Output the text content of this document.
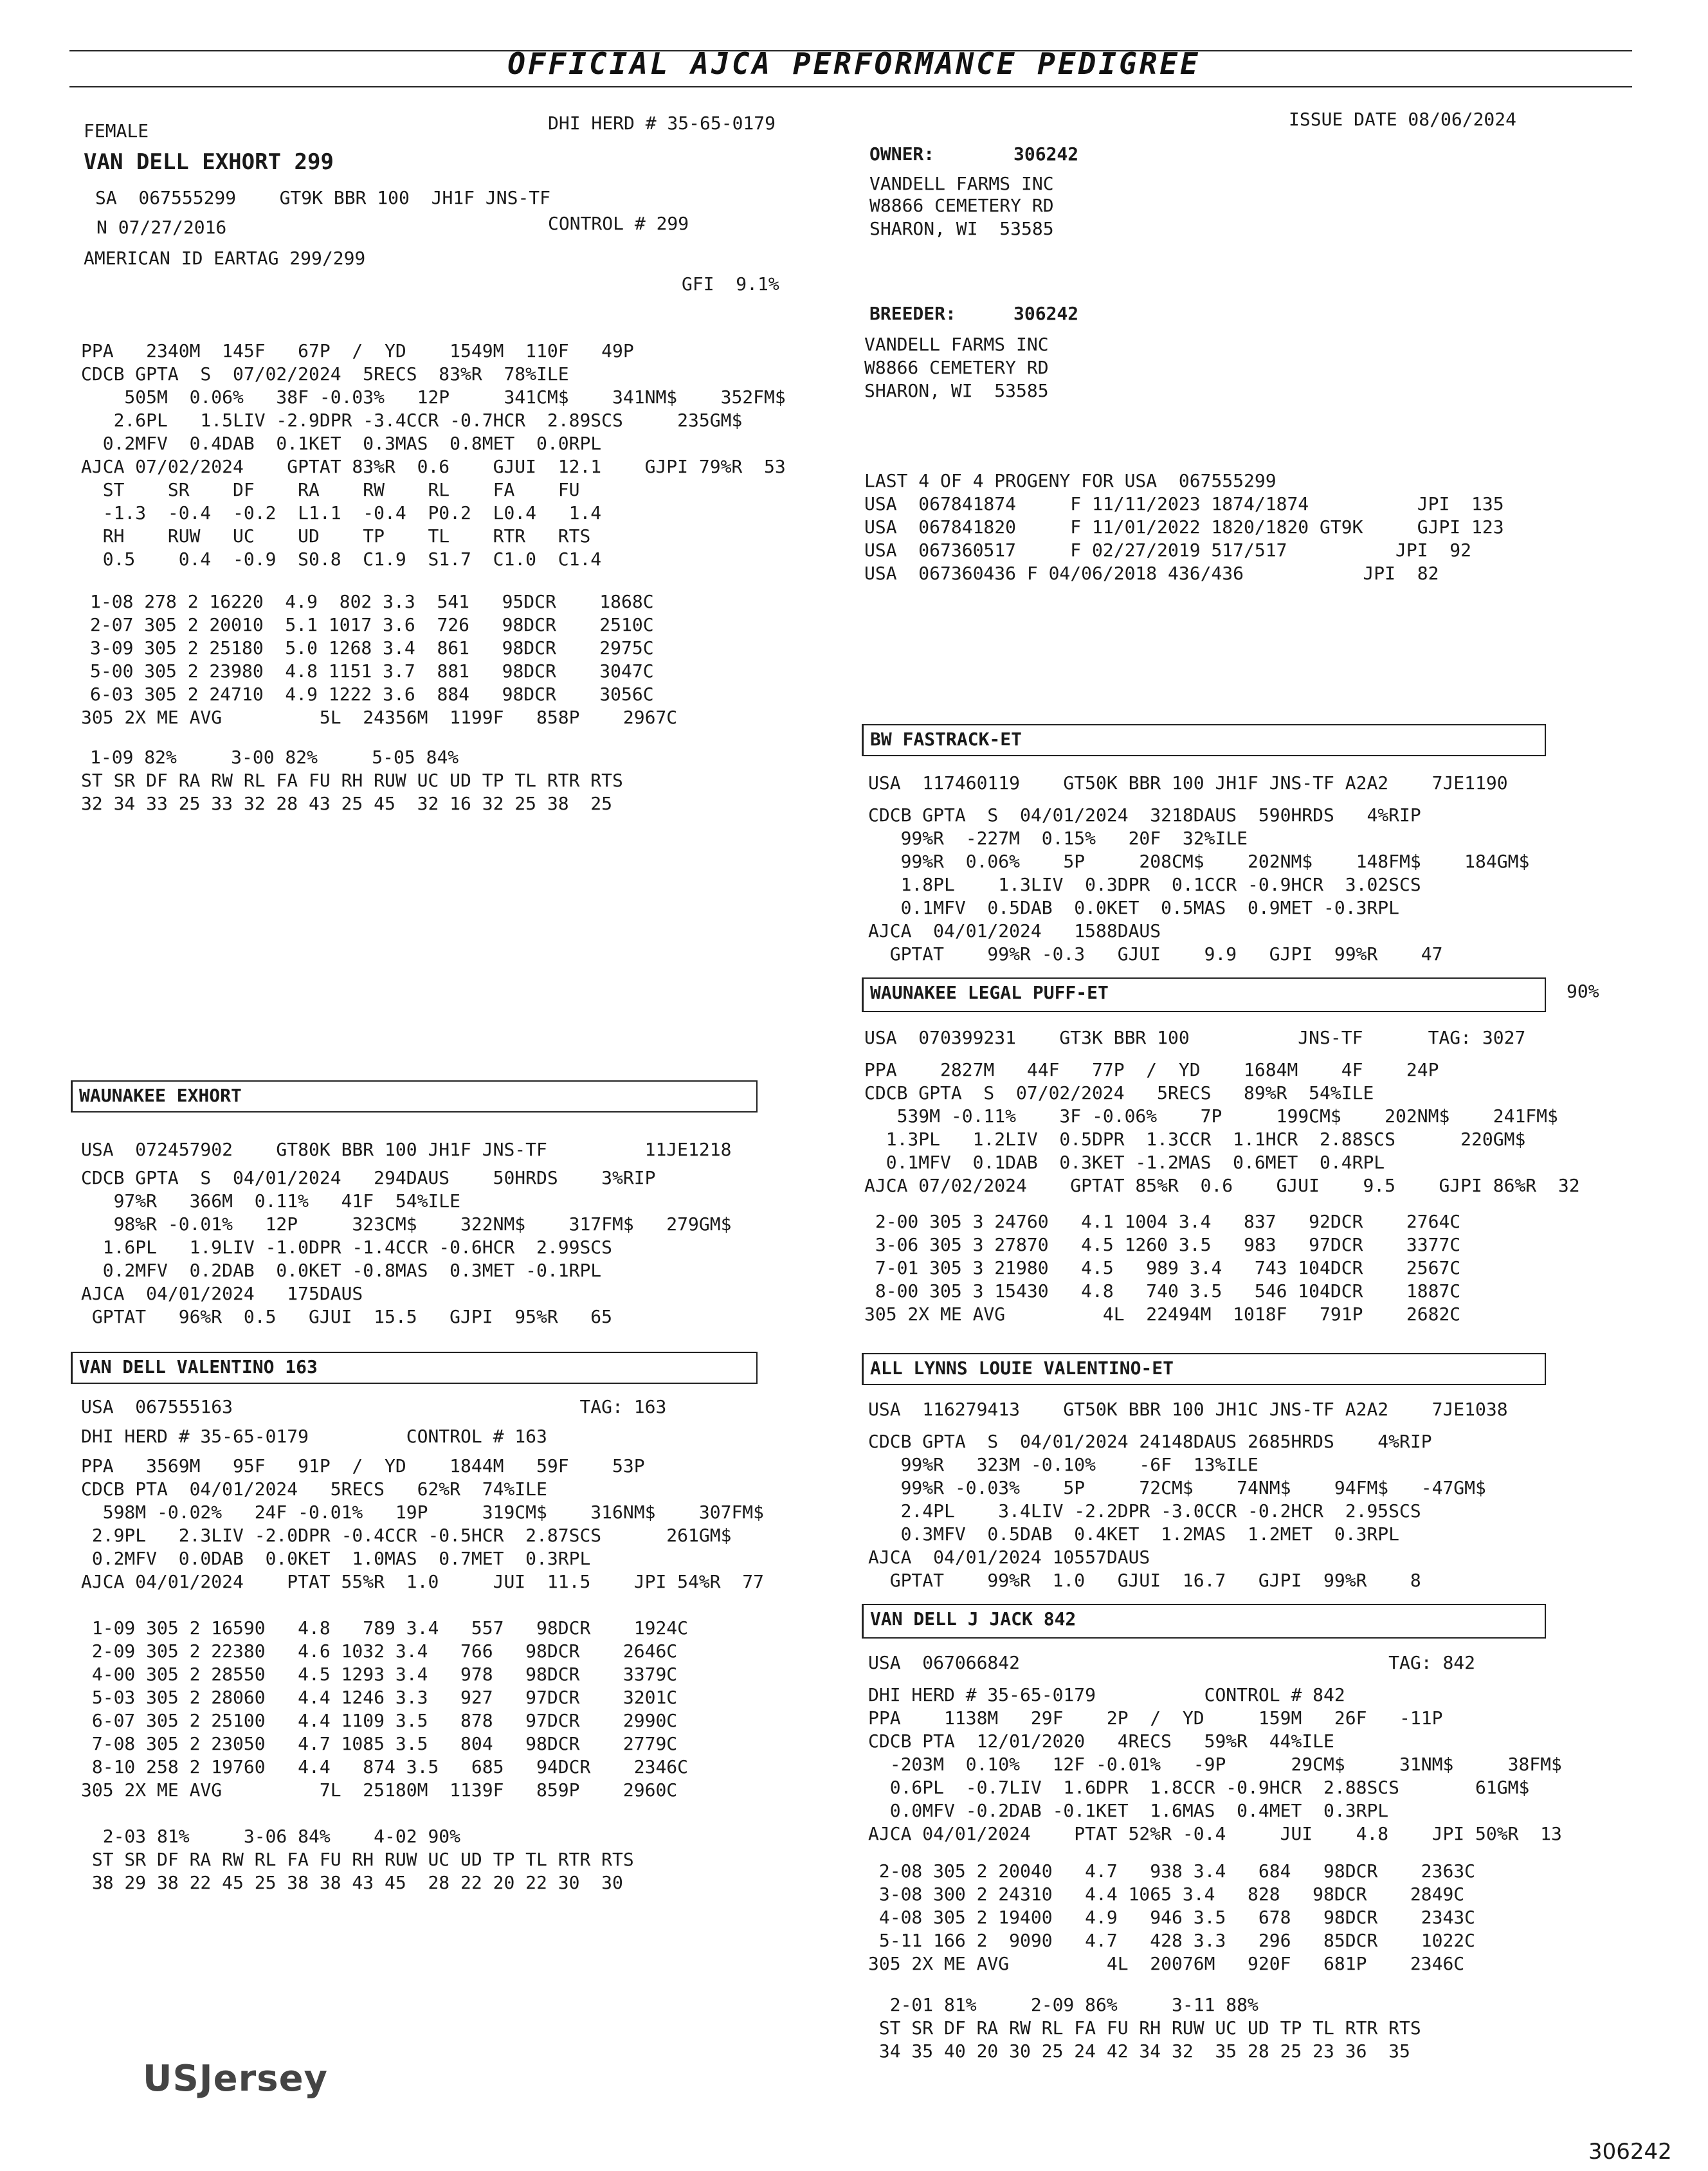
OFFICIAL AJCA PERFORMANCE PEDIGREE
FEMALE	DHI HERD # 35-65-0179	ISSUE DATE 08/06/2024
VAN DELL EXHORT 299
SA  067555299    GT9K BBR 100  JH1F JNS-TF
N 07/27/2016	CONTROL # 299
AMERICAN ID EARTAG 299/299
GFI  9.1%
OWNER:	306242
VANDELL FARMS INC
W8866 CEMETERY RD
SHARON, WI  53585
BREEDER:	306242
VANDELL FARMS INC
W8866 CEMETERY RD
SHARON, WI  53585
PPA   2340M  145F   67P  /  YD    1549M  110F   49P
CDCB GPTA  S  07/02/2024  5RECS  83%R  78%ILE
505M  0.06%   38F -0.03%   12P     341CM$    341NM$    352FM$
2.6PL   1.5LIV -2.9DPR -3.4CCR -0.7HCR  2.89SCS     235GM$
0.2MFV  0.4DAB  0.1KET  0.3MAS  0.8MET  0.0RPL
AJCA 07/02/2024    GPTAT 83%R  0.6    GJUI  12.1    GJPI 79%R  53
ST    SR    DF    RA    RW    RL    FA    FU
-1.3  -0.4  -0.2  L1.1  -0.4  P0.2  L0.4   1.4
RH    RUW   UC    UD    TP    TL    RTR   RTS
0.5    0.4  -0.9  S0.8  C1.9  S1.7  C1.0  C1.4
1-08 278 2 16220  4.9  802 3.3  541   95DCR    1868C
2-07 305 2 20010  5.1 1017 3.6  726   98DCR    2510C
3-09 305 2 25180  5.0 1268 3.4  861   98DCR    2975C
5-00 305 2 23980  4.8 1151 3.7  881   98DCR    3047C
6-03 305 2 24710  4.9 1222 3.6  884   98DCR    3056C
305 2X ME AVG         5L  24356M  1199F   858P    2967C
1-09 82%     3-00 82%     5-05 84%
ST SR DF RA RW RL FA FU RH RUW UC UD TP TL RTR RTS
32 34 33 25 33 32 28 43 25 45  32 16 32 25 38  25
LAST 4 OF 4 PROGENY FOR USA  067555299
USA  067841874     F 11/11/2023 1874/1874          JPI  135
USA  067841820     F 11/01/2022 1820/1820 GT9K     GJPI 123
USA  067360517     F 02/27/2019 517/517          JPI  92
USA  067360436 F 04/06/2018 436/436           JPI  82
WAUNAKEE EXHORT
USA  072457902    GT80K BBR 100 JH1F JNS-TF         11JE1218
CDCB GPTA  S  04/01/2024   294DAUS    50HRDS    3%RIP
97%R   366M  0.11%   41F  54%ILE
98%R -0.01%   12P     323CM$    322NM$    317FM$   279GM$
1.6PL   1.9LIV -1.0DPR -1.4CCR -0.6HCR  2.99SCS
0.2MFV  0.2DAB  0.0KET -0.8MAS  0.3MET -0.1RPL
AJCA  04/01/2024   175DAUS
GPTAT   96%R  0.5   GJUI  15.5   GJPI  95%R   65
VAN DELL VALENTINO 163
USA  067555163                                TAG: 163
DHI HERD # 35-65-0179         CONTROL # 163
PPA   3569M   95F   91P  /  YD    1844M   59F    53P
CDCB PTA  04/01/2024   5RECS   62%R  74%ILE
598M -0.02%   24F -0.01%   19P     319CM$    316NM$    307FM$
2.9PL   2.3LIV -2.0DPR -0.4CCR -0.5HCR  2.87SCS      261GM$
0.2MFV  0.0DAB  0.0KET  1.0MAS  0.7MET  0.3RPL
AJCA 04/01/2024    PTAT 55%R  1.0     JUI  11.5    JPI 54%R  77
1-09 305 2 16590   4.8   789 3.4   557   98DCR    1924C
2-09 305 2 22380   4.6 1032 3.4   766   98DCR    2646C
4-00 305 2 28550   4.5 1293 3.4   978   98DCR    3379C
5-03 305 2 28060   4.4 1246 3.3   927   97DCR    3201C
6-07 305 2 25100   4.4 1109 3.5   878   97DCR    2990C
7-08 305 2 23050   4.7 1085 3.5   804   98DCR    2779C
8-10 258 2 19760   4.4   874 3.5   685   94DCR    2346C
305 2X ME AVG         7L  25180M  1139F   859P    2960C
2-03 81%     3-06 84%    4-02 90%
ST SR DF RA RW RL FA FU RH RUW UC UD TP TL RTR RTS
38 29 38 22 45 25 38 38 43 45  28 22 20 22 30  30
BW FASTRACK-ET
USA  117460119    GT50K BBR 100 JH1F JNS-TF A2A2    7JE1190
CDCB GPTA  S  04/01/2024  3218DAUS  590HRDS   4%RIP
99%R  -227M  0.15%   20F  32%ILE
99%R  0.06%    5P     208CM$    202NM$    148FM$    184GM$
1.8PL    1.3LIV  0.3DPR  0.1CCR -0.9HCR  3.02SCS
0.1MFV  0.5DAB  0.0KET  0.5MAS  0.9MET -0.3RPL
AJCA  04/01/2024   1588DAUS
GPTAT    99%R -0.3   GJUI    9.9   GJPI  99%R    47
WAUNAKEE LEGAL PUFF-ET	90%
USA  070399231    GT3K BBR 100          JNS-TF      TAG: 3027
PPA    2827M   44F   77P  /  YD    1684M    4F    24P
CDCB GPTA  S  07/02/2024   5RECS   89%R  54%ILE
539M -0.11%    3F -0.06%    7P     199CM$    202NM$    241FM$
1.3PL   1.2LIV  0.5DPR  1.3CCR  1.1HCR  2.88SCS      220GM$
0.1MFV  0.1DAB  0.3KET -1.2MAS  0.6MET  0.4RPL
AJCA 07/02/2024    GPTAT 85%R  0.6    GJUI    9.5    GJPI 86%R  32
2-00 305 3 24760   4.1 1004 3.4   837   92DCR    2764C
3-06 305 3 27870   4.5 1260 3.5   983   97DCR    3377C
7-01 305 3 21980   4.5   989 3.4   743 104DCR    2567C
8-00 305 3 15430   4.8   740 3.5   546 104DCR    1887C
305 2X ME AVG         4L  22494M  1018F   791P    2682C
ALL LYNNS LOUIE VALENTINO-ET
USA  116279413    GT50K BBR 100 JH1C JNS-TF A2A2    7JE1038
CDCB GPTA  S  04/01/2024 24148DAUS 2685HRDS    4%RIP
99%R   323M -0.10%    -6F  13%ILE
99%R -0.03%    5P     72CM$    74NM$    94FM$   -47GM$
2.4PL    3.4LIV -2.2DPR -3.0CCR -0.2HCR  2.95SCS
0.3MFV  0.5DAB  0.4KET  1.2MAS  1.2MET  0.3RPL
AJCA  04/01/2024 10557DAUS
GPTAT    99%R  1.0   GJUI  16.7   GJPI  99%R    8
VAN DELL J JACK 842
USA  067066842                                  TAG: 842
DHI HERD # 35-65-0179          CONTROL # 842
PPA    1138M   29F    2P  /  YD     159M   26F   -11P
CDCB PTA  12/01/2020   4RECS   59%R  44%ILE
-203M  0.10%   12F -0.01%   -9P      29CM$     31NM$     38FM$
0.6PL  -0.7LIV  1.6DPR  1.8CCR -0.9HCR  2.88SCS       61GM$
0.0MFV -0.2DAB -0.1KET  1.6MAS  0.4MET  0.3RPL
AJCA 04/01/2024    PTAT 52%R -0.4     JUI    4.8    JPI 50%R  13
2-08 305 2 20040   4.7   938 3.4   684   98DCR    2363C
3-08 300 2 24310   4.4 1065 3.4   828   98DCR    2849C
4-08 305 2 19400   4.9   946 3.5   678   98DCR    2343C
5-11 166 2  9090   4.7   428 3.3   296   85DCR    1022C
305 2X ME AVG         4L  20076M   920F   681P    2346C
2-01 81%     2-09 86%     3-11 88%
ST SR DF RA RW RL FA FU RH RUW UC UD TP TL RTR RTS
34 35 40 20 30 25 24 42 34 32  35 28 25 23 36  35
USJersey
306242
